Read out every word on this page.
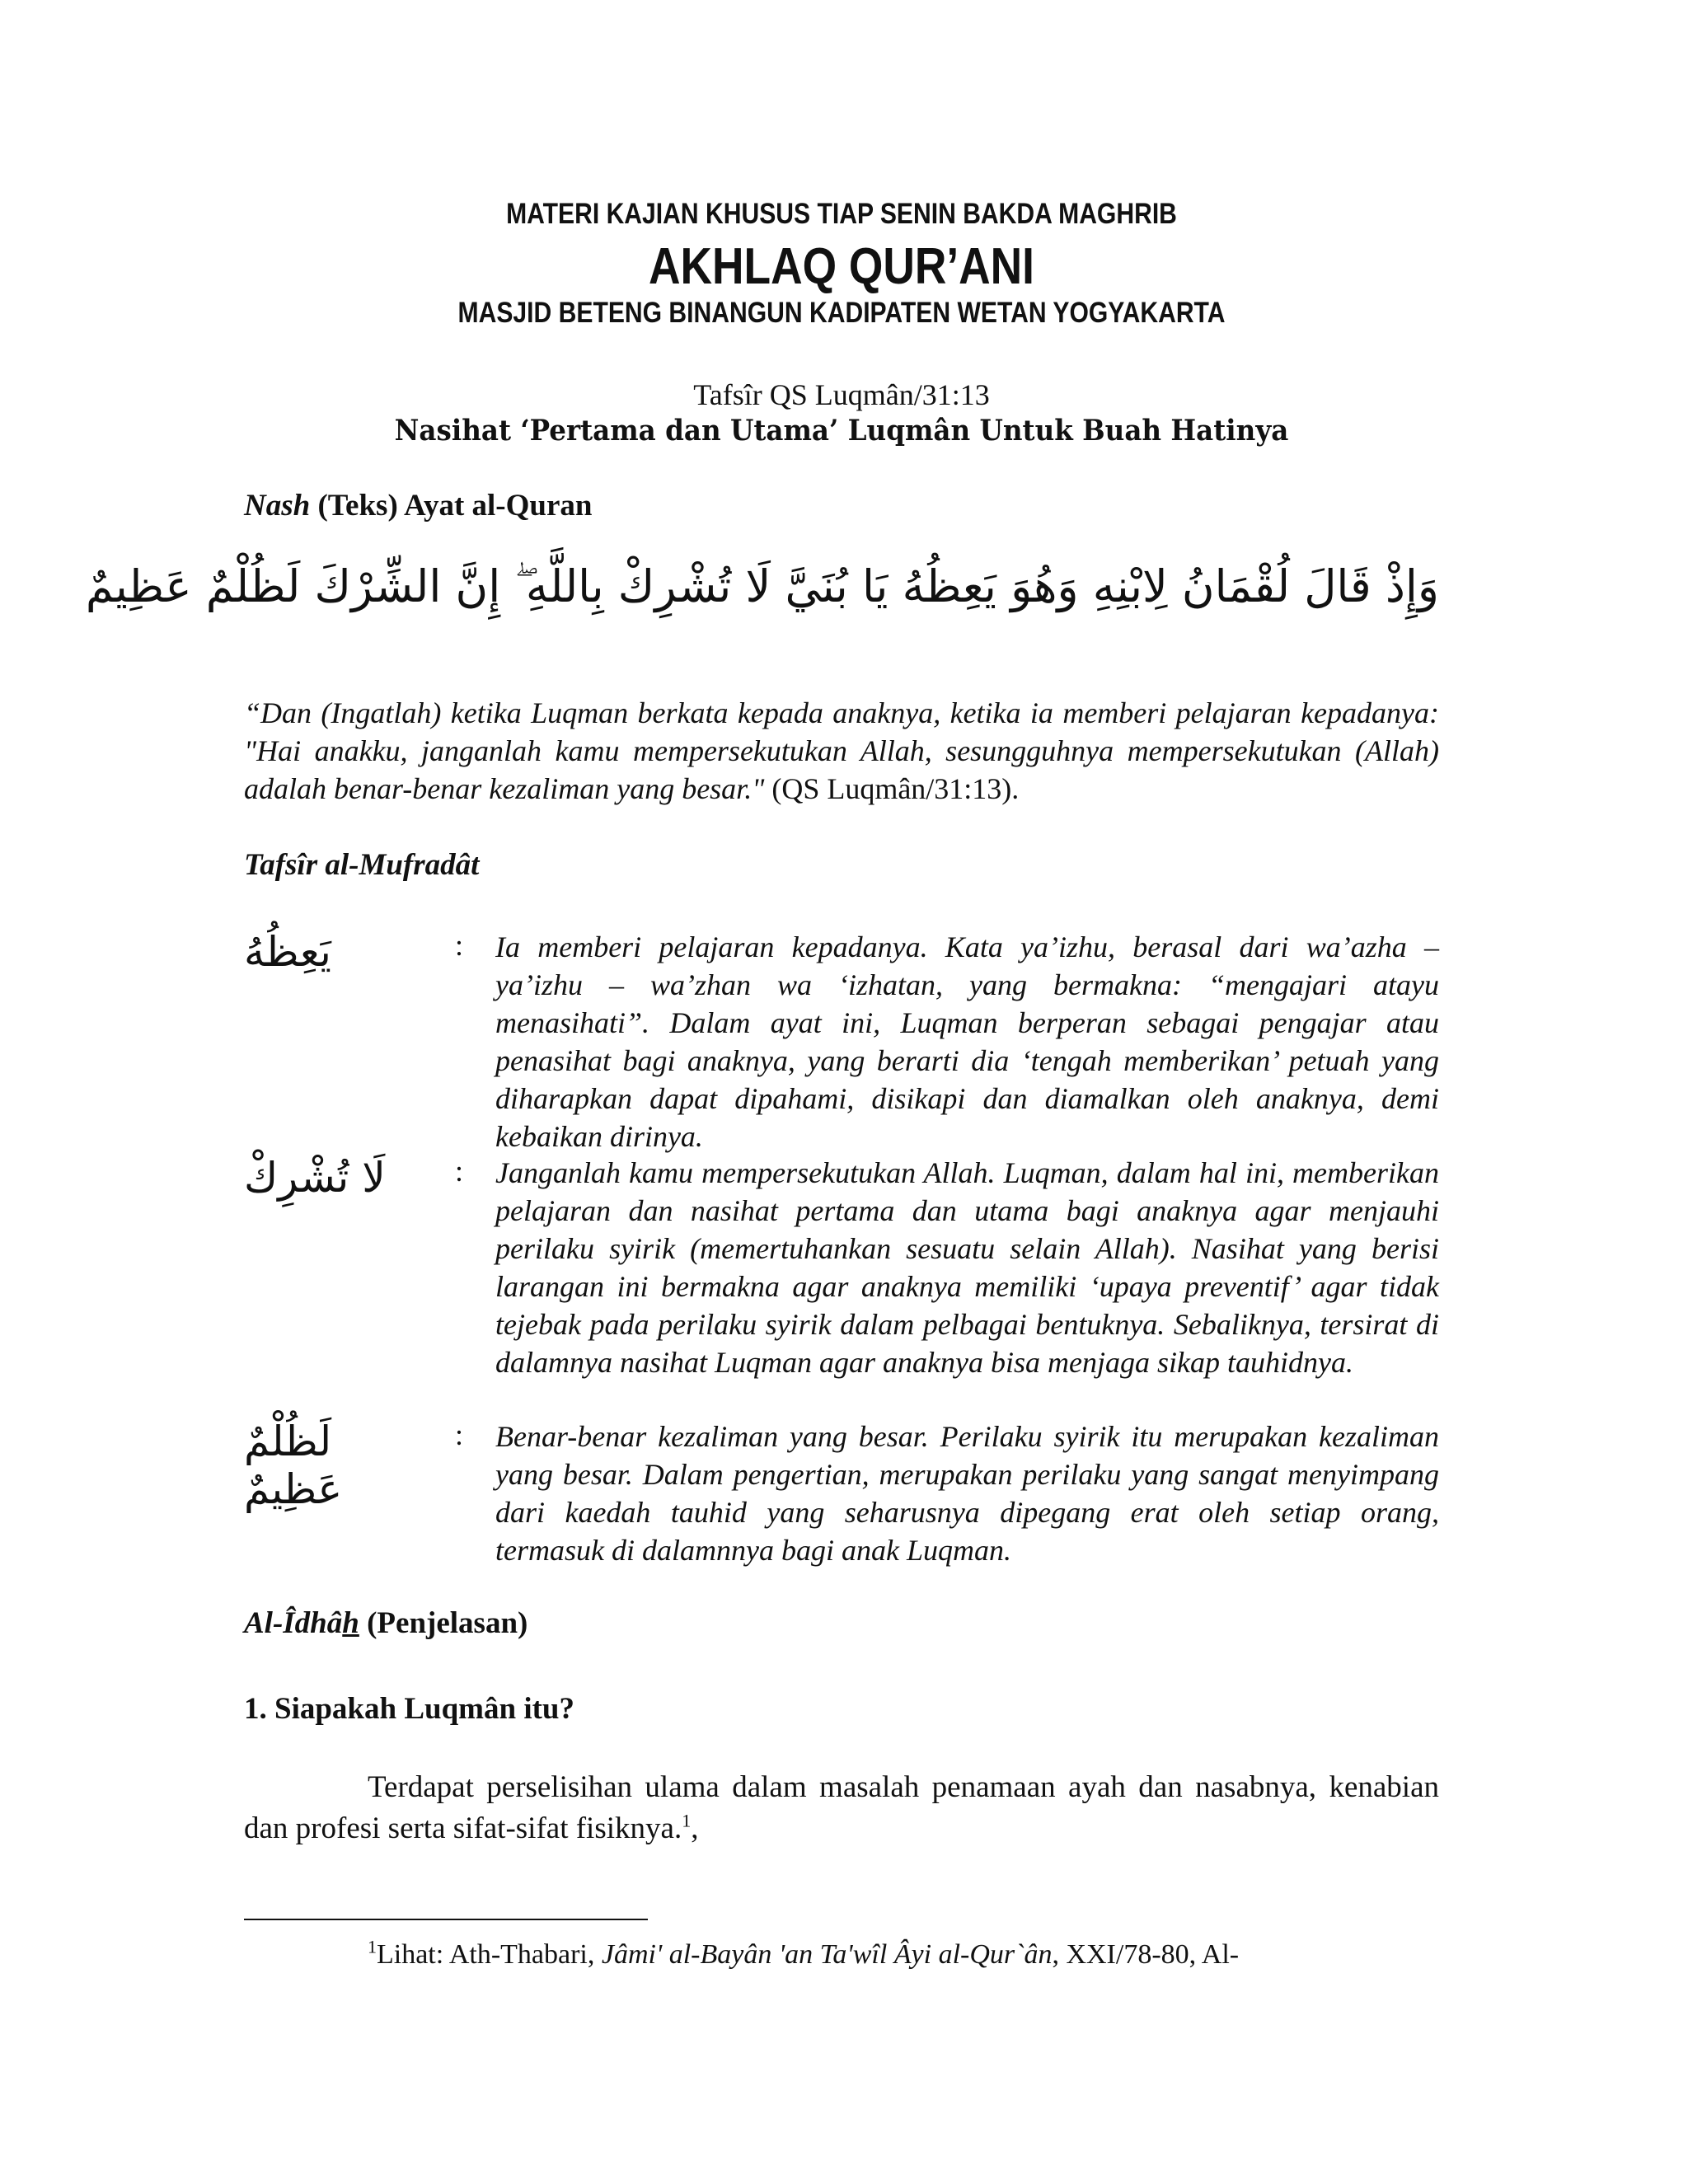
MATERI KAJIAN KHUSUS TIAP SENIN BAKDA MAGHRIB
AKHLAQ QUR’ANI
MASJID BETENG BINANGUN KADIPATEN WETAN YOGYAKARTA
Tafsîr QS Luqmân/31:13
Nasihat ‘Pertama dan Utama’ Luqmân Untuk Buah Hatinya
Nash (Teks) Ayat al-Quran
وَإِذْ قَالَ لُقْمَانُ لِابْنِهِ وَهُوَ يَعِظُهُ يَا بُنَيَّ لَا تُشْرِكْ بِاللَّهِ ۖ إِنَّ الشِّرْكَ لَظُلْمٌ عَظِيمٌ
“Dan (Ingatlah) ketika Luqman berkata kepada anaknya, ketika ia memberi pelajaran kepadanya: "Hai anakku, janganlah kamu mempersekutukan Allah, sesungguhnya mempersekutukan (Allah) adalah benar-benar kezaliman yang besar." (QS Luqmân/31:13).
Tafsîr al-Mufradât
يَعِظُهُ	: Ia memberi pelajaran kepadanya. Kata ya’izhu, berasal dari wa’azha – ya’izhu – wa’zhan wa ‘izhatan, yang bermakna: “mengajari atayu menasihati”. Dalam ayat ini, Luqman berperan sebagai pengajar atau penasihat bagi anaknya, yang berarti dia ‘tengah memberikan’ petuah yang diharapkan dapat dipahami, disikapi dan diamalkan oleh anaknya, demi kebaikan dirinya.
لَا تُشْرِكْ	: Janganlah kamu mempersekutukan Allah. Luqman, dalam hal ini, memberikan pelajaran dan nasihat pertama dan utama bagi anaknya agar menjauhi perilaku syirik (memertuhankan sesuatu selain Allah). Nasihat yang berisi larangan ini bermakna agar anaknya memiliki ‘upaya preventif’ agar tidak tejebak pada perilaku syirik dalam pelbagai bentuknya. Sebaliknya, tersirat di dalamnya nasihat Luqman agar anaknya bisa menjaga sikap tauhidnya.
لَظُلْمٌ عَظِيمٌ
: Benar-benar kezaliman yang besar. Perilaku syirik itu merupakan kezaliman yang besar. Dalam pengertian, merupakan perilaku yang sangat menyimpang dari kaedah tauhid yang seharusnya dipegang erat oleh setiap orang, termasuk di dalamnnya bagi anak Luqman.
Al-Îdhâh (Penjelasan)
1. Siapakah Luqmân itu?
Terdapat perselisihan ulama dalam masalah penamaan ayah dan nasabnya, kenabian dan profesi serta sifat-sifat fisiknya.$^1$,
$^1$Lihat: Ath-Thabari, Jâmi' al-Bayân 'an Ta'wîl Âyi al-Qur`ân, XXI/78-80, Al-
